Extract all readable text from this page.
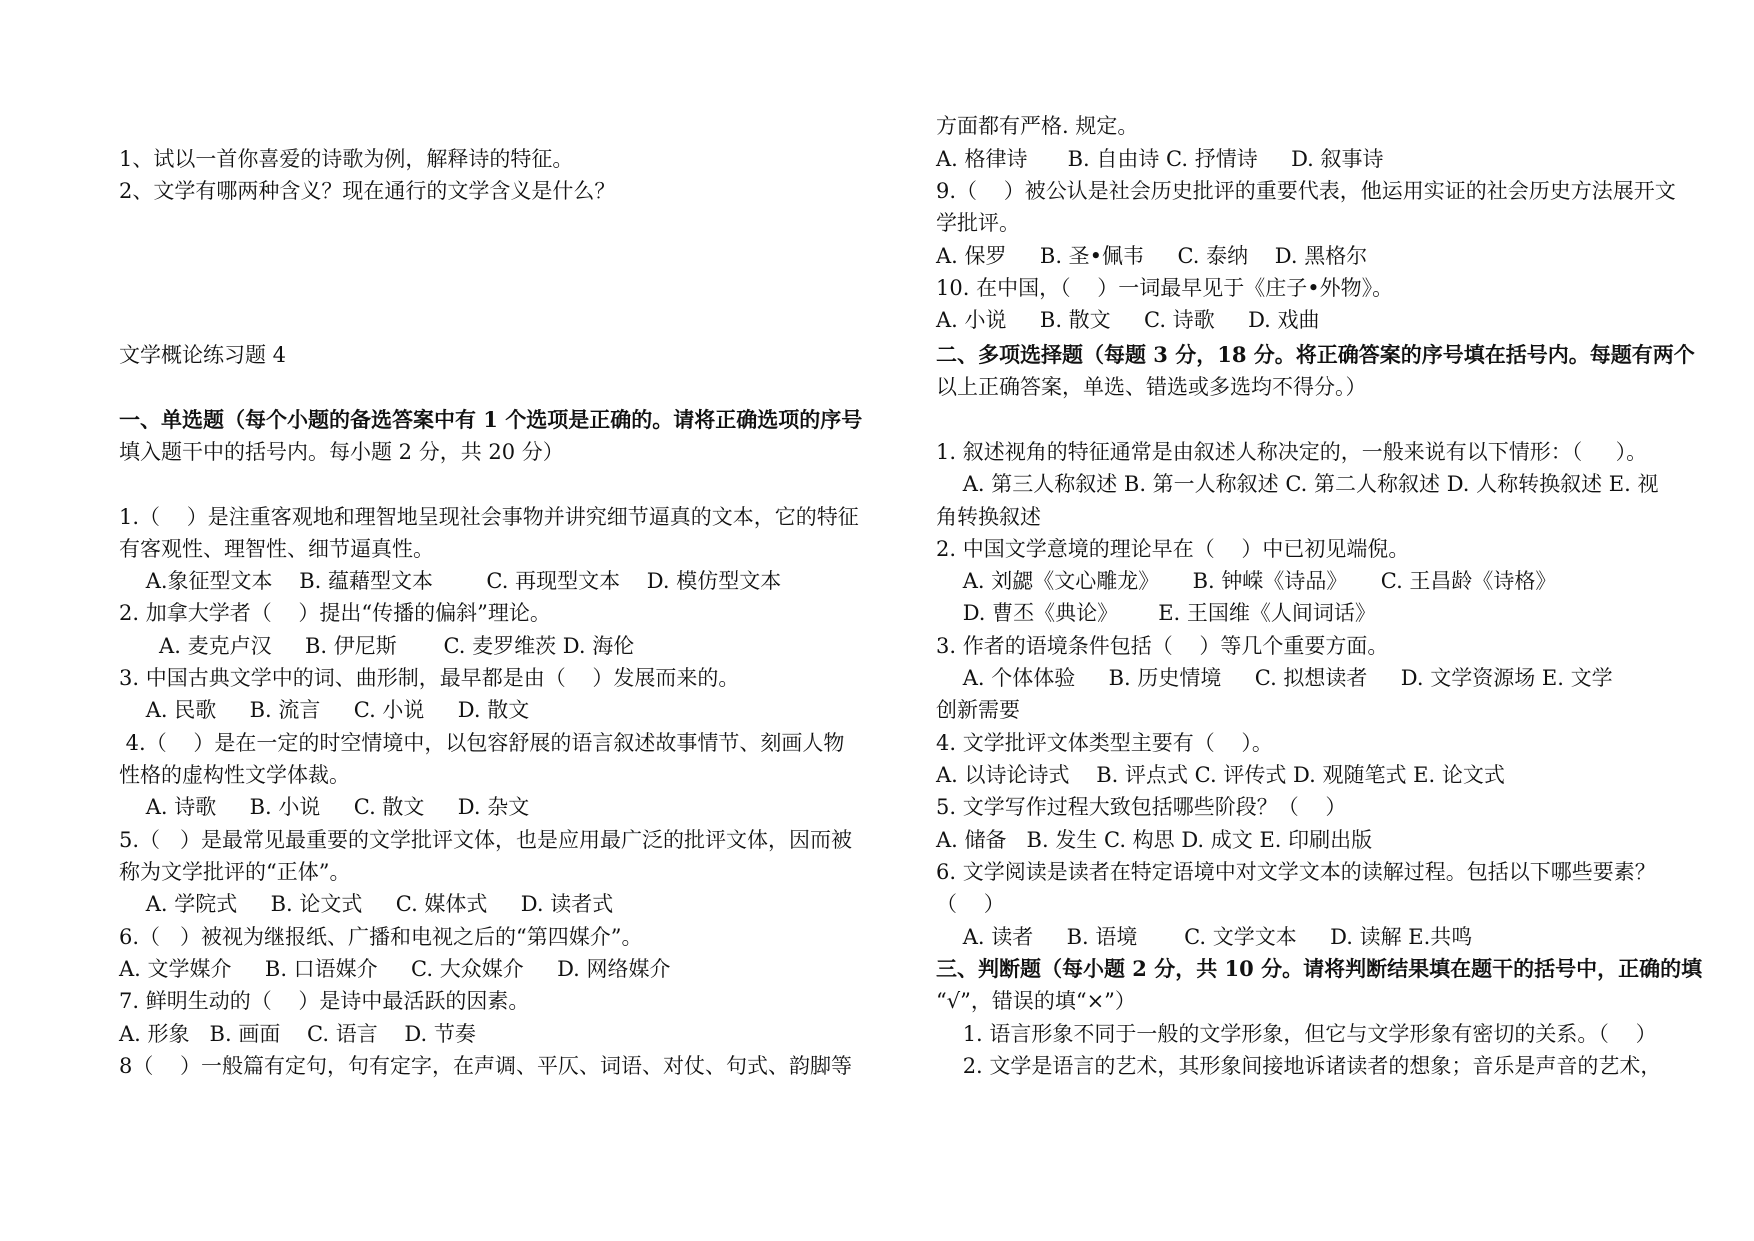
1、试以一首你喜爱的诗歌为例，解释诗的特征。
2、文学有哪两种含义？现在通行的文学含义是什么？
文学概论练习题 4
一、单选题（每个小题的备选答案中有 1 个选项是正确的。请将正确选项的序号
填入题干中的括号内。每小题 2 分，共 20 分）
1.（    ）是注重客观地和理智地呈现社会事物并讲究细节逼真的文本，它的特征
有客观性、理智性、细节逼真性。
A.象征型文本    B. 蕴藉型文本        C. 再现型文本    D. 模仿型文本
2. 加拿大学者（    ）提出“传播的偏斜”理论。
A. 麦克卢汉     B. 伊尼斯       C. 麦罗维茨 D. 海伦
3. 中国古典文学中的词、曲形制，最早都是由（    ）发展而来的。
A. 民歌     B. 流言     C. 小说     D. 散文
4.（    ）是在一定的时空情境中，以包容舒展的语言叙述故事情节、刻画人物
性格的虚构性文学体裁。
A. 诗歌     B. 小说     C. 散文     D. 杂文
5.（   ）是最常见最重要的文学批评文体，也是应用最广泛的批评文体，因而被
称为文学批评的“正体”。
A. 学院式     B. 论文式     C. 媒体式     D. 读者式
6.（   ）被视为继报纸、广播和电视之后的“第四媒介”。
A. 文学媒介     B. 口语媒介     C. 大众媒介     D. 网络媒介
7. 鲜明生动的（    ）是诗中最活跃的因素。
A. 形象   B. 画面    C. 语言    D. 节奏
8（    ）一般篇有定句，句有定字，在声调、平仄、词语、对仗、句式、韵脚等
方面都有严格. 规定。
A. 格律诗      B. 自由诗 C. 抒情诗     D. 叙事诗
9.（    ）被公认是社会历史批评的重要代表，他运用实证的社会历史方法展开文
学批评。
A. 保罗     B. 圣•佩韦     C. 泰纳    D. 黑格尔
10. 在中国，（    ）一词最早见于《庄子•外物》。
A. 小说     B. 散文     C. 诗歌     D. 戏曲
二、多项选择题（每题 3 分，18 分。将正确答案的序号填在括号内。每题有两个
以上正确答案，单选、错选或多选均不得分。）
1. 叙述视角的特征通常是由叙述人称决定的，一般来说有以下情形：（     ）。
A. 第三人称叙述 B. 第一人称叙述 C. 第二人称叙述 D. 人称转换叙述 E. 视
角转换叙述
2. 中国文学意境的理论早在（    ）中已初见端倪。
A. 刘勰《文心雕龙》     B. 钟嵘《诗品》     C. 王昌龄《诗格》
D. 曹丕《典论》      E. 王国维《人间词话》
3. 作者的语境条件包括（    ）等几个重要方面。
A. 个体体验     B. 历史情境     C. 拟想读者     D. 文学资源场 E. 文学
创新需要
4. 文学批评文体类型主要有（    ）。
A. 以诗论诗式    B. 评点式 C. 评传式 D. 观随笔式 E. 论文式
5. 文学写作过程大致包括哪些阶段？（    ）
A. 储备   B. 发生 C. 构思 D. 成文 E. 印刷出版
6. 文学阅读是读者在特定语境中对文学文本的读解过程。包括以下哪些要素？
（    ）
A. 读者     B. 语境       C. 文学文本     D. 读解 E.共鸣
三、判断题（每小题 2 分，共 10 分。请将判断结果填在题干的括号中，正确的填
“√”，错误的填“×”）
1. 语言形象不同于一般的文学形象，但它与文学形象有密切的关系。（    ）
2. 文学是语言的艺术，其形象间接地诉诸读者的想象；音乐是声音的艺术，
